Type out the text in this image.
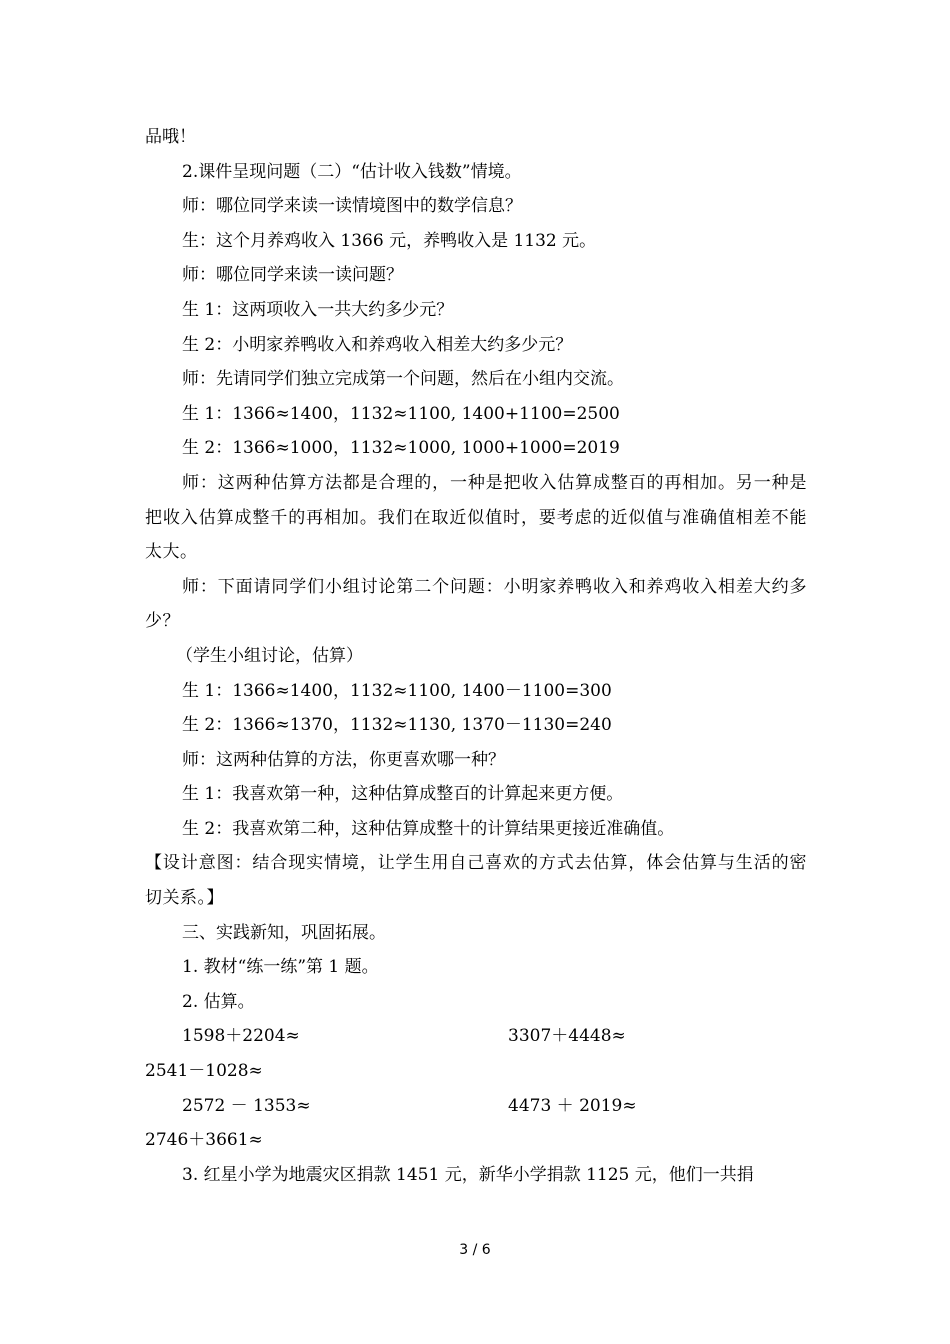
品哦！
2.课件呈现问题（二）“估计收入钱数”情境。
师：哪位同学来读一读情境图中的数学信息？
生：这个月养鸡收入 1366 元，养鸭收入是 1132 元。
师：哪位同学来读一读问题？
生 1：这两项收入一共大约多少元？
生 2：小明家养鸭收入和养鸡收入相差大约多少元？
师：先请同学们独立完成第一个问题，然后在小组内交流。
生 1：1366≈1400，1132≈1100, 1400+1100=2500
生 2：1366≈1000，1132≈1000, 1000+1000=2019
师：这两种估算方法都是合理的，一种是把收入估算成整百的再相加。另一种是把收入估算成整千的再相加。我们在取近似值时，要考虑的近似值与准确值相差不能太大。
师：下面请同学们小组讨论第二个问题：小明家养鸭收入和养鸡收入相差大约多少？
（学生小组讨论，估算）
生 1：1366≈1400，1132≈1100, 1400－1100=300
生 2：1366≈1370，1132≈1130, 1370－1130=240
师：这两种估算的方法，你更喜欢哪一种？
生 1：我喜欢第一种，这种估算成整百的计算起来更方便。
生 2：我喜欢第二种，这种估算成整十的计算结果更接近准确值。
【设计意图：结合现实情境，让学生用自己喜欢的方式去估算，体会估算与生活的密切关系。】
三、实践新知，巩固拓展。
1. 教材“练一练”第 1 题。
2. 估算。
1598＋2204≈	3307＋4448≈
2541－1028≈
2572 － 1353≈	4473 ＋ 2019≈
2746＋3661≈
3. 红星小学为地震灾区捐款 1451 元，新华小学捐款 1125 元，他们一共捐
3 / 6
